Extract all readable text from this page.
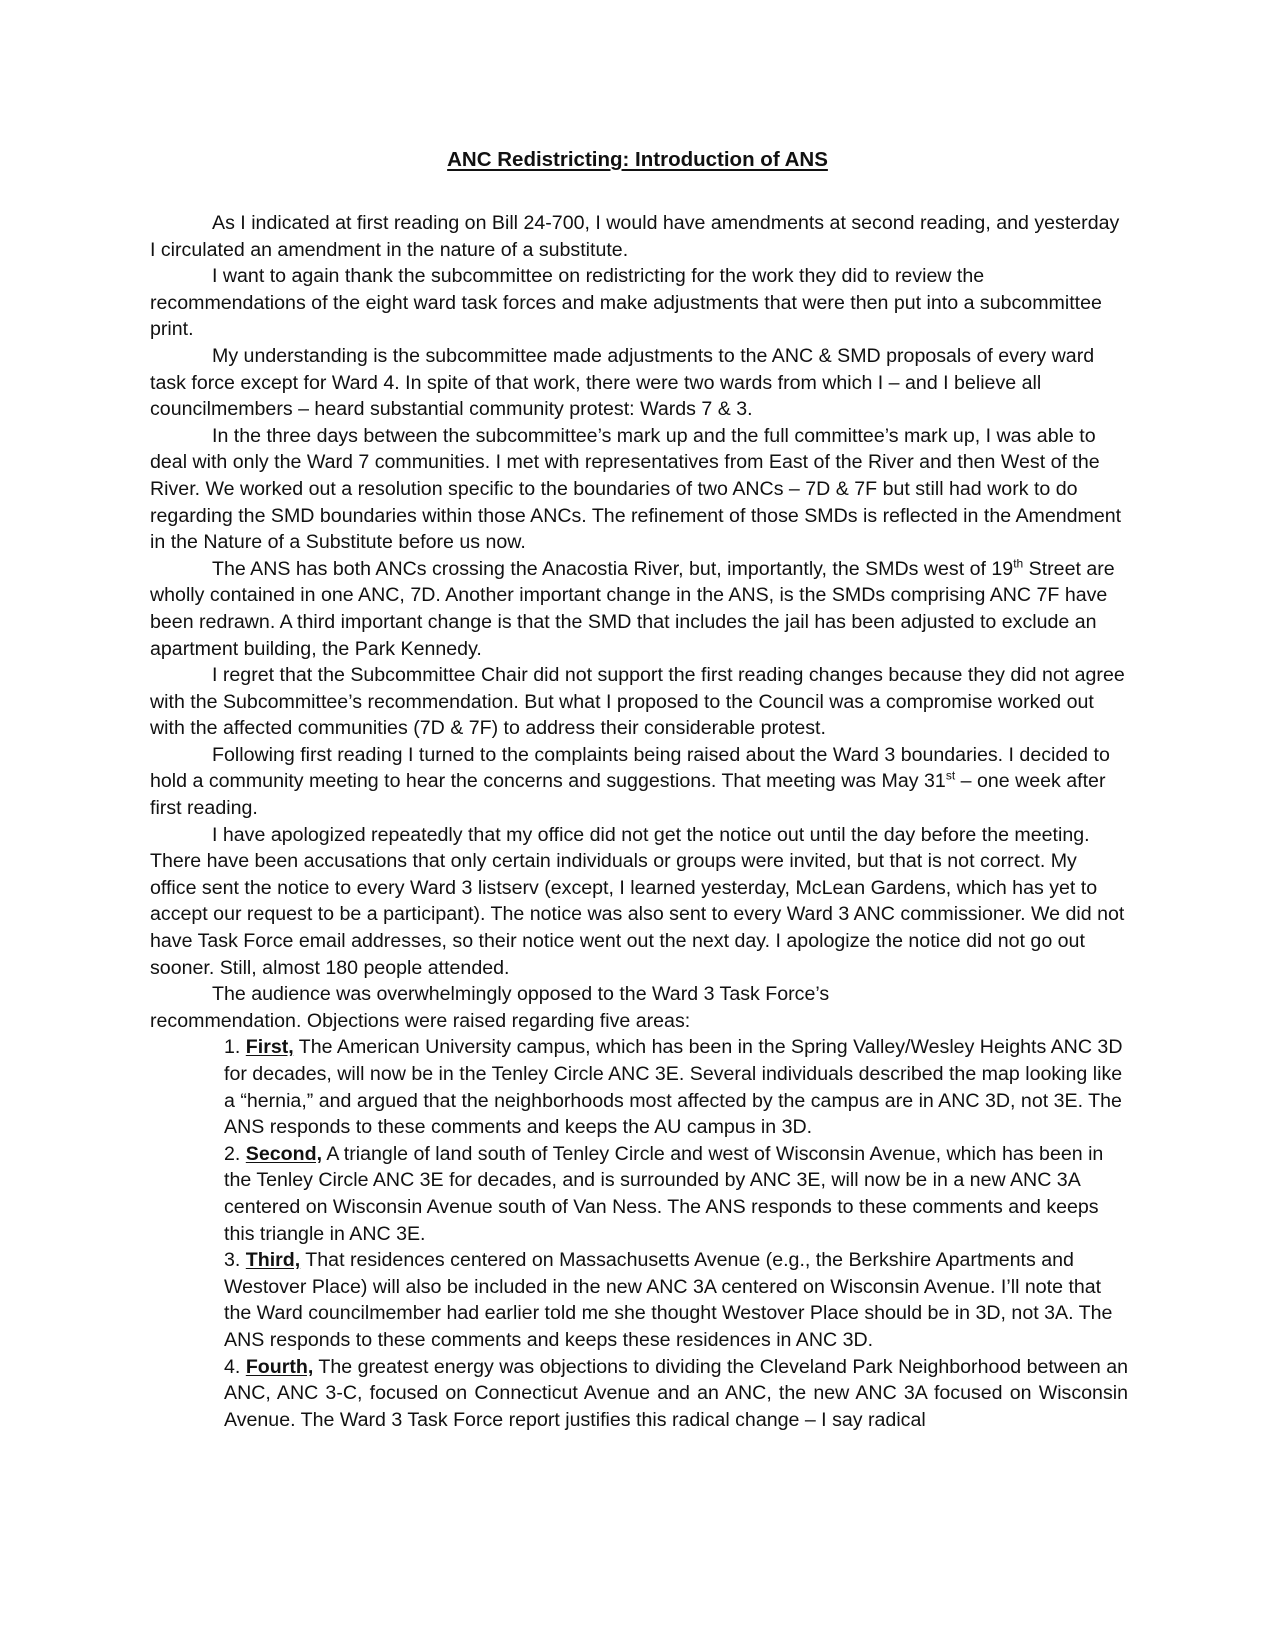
ANC Redistricting: Introduction of ANS

As I indicated at first reading on Bill 24-700, I would have amendments at second reading, and yesterday I circulated an amendment in the nature of a substitute.

I want to again thank the subcommittee on redistricting for the work they did to review the recommendations of the eight ward task forces and make adjustments that were then put into a subcommittee print.

My understanding is the subcommittee made adjustments to the ANC & SMD proposals of every ward task force except for Ward 4. In spite of that work, there were two wards from which I – and I believe all councilmembers – heard substantial community protest: Wards 7 & 3.

In the three days between the subcommittee’s mark up and the full committee’s mark up, I was able to deal with only the Ward 7 communities. I met with representatives from East of the River and then West of the River. We worked out a resolution specific to the boundaries of two ANCs – 7D & 7F but still had work to do regarding the SMD boundaries within those ANCs. The refinement of those SMDs is reflected in the Amendment in the Nature of a Substitute before us now.

The ANS has both ANCs crossing the Anacostia River, but, importantly, the SMDs west of 19th Street are wholly contained in one ANC, 7D. Another important change in the ANS, is the SMDs comprising ANC 7F have been redrawn. A third important change is that the SMD that includes the jail has been adjusted to exclude an apartment building, the Park Kennedy.

I regret that the Subcommittee Chair did not support the first reading changes because they did not agree with the Subcommittee’s recommendation. But what I proposed to the Council was a compromise worked out with the affected communities (7D & 7F) to address their considerable protest.

Following first reading I turned to the complaints being raised about the Ward 3 boundaries. I decided to hold a community meeting to hear the concerns and suggestions. That meeting was May 31st – one week after first reading.

I have apologized repeatedly that my office did not get the notice out until the day before the meeting. There have been accusations that only certain individuals or groups were invited, but that is not correct. My office sent the notice to every Ward 3 listserv (except, I learned yesterday, McLean Gardens, which has yet to accept our request to be a participant). The notice was also sent to every Ward 3 ANC commissioner. We did not have Task Force email addresses, so their notice went out the next day. I apologize the notice did not go out sooner. Still, almost 180 people attended.

The audience was overwhelmingly opposed to the Ward 3 Task Force’s
recommendation. Objections were raised regarding five areas:

1. First, The American University campus, which has been in the Spring Valley/Wesley Heights ANC 3D for decades, will now be in the Tenley Circle ANC 3E. Several individuals described the map looking like a “hernia,” and argued that the neighborhoods most affected by the campus are in ANC 3D, not 3E. The ANS responds to these comments and keeps the AU campus in 3D.

2. Second, A triangle of land south of Tenley Circle and west of Wisconsin Avenue, which has been in the Tenley Circle ANC 3E for decades, and is surrounded by ANC 3E, will now be in a new ANC 3A centered on Wisconsin Avenue south of Van Ness. The ANS responds to these comments and keeps this triangle in ANC 3E.

3. Third, That residences centered on Massachusetts Avenue (e.g., the Berkshire Apartments and Westover Place) will also be included in the new ANC 3A centered on Wisconsin Avenue. I’ll note that the Ward councilmember had earlier told me she thought Westover Place should be in 3D, not 3A. The ANS responds to these comments and keeps these residences in ANC 3D.

4. Fourth, The greatest energy was objections to dividing the Cleveland Park Neighborhood between an ANC, ANC 3-C, focused on Connecticut Avenue and an ANC, the new ANC 3A focused on Wisconsin Avenue. The Ward 3 Task Force report justifies this radical change – I say radical
